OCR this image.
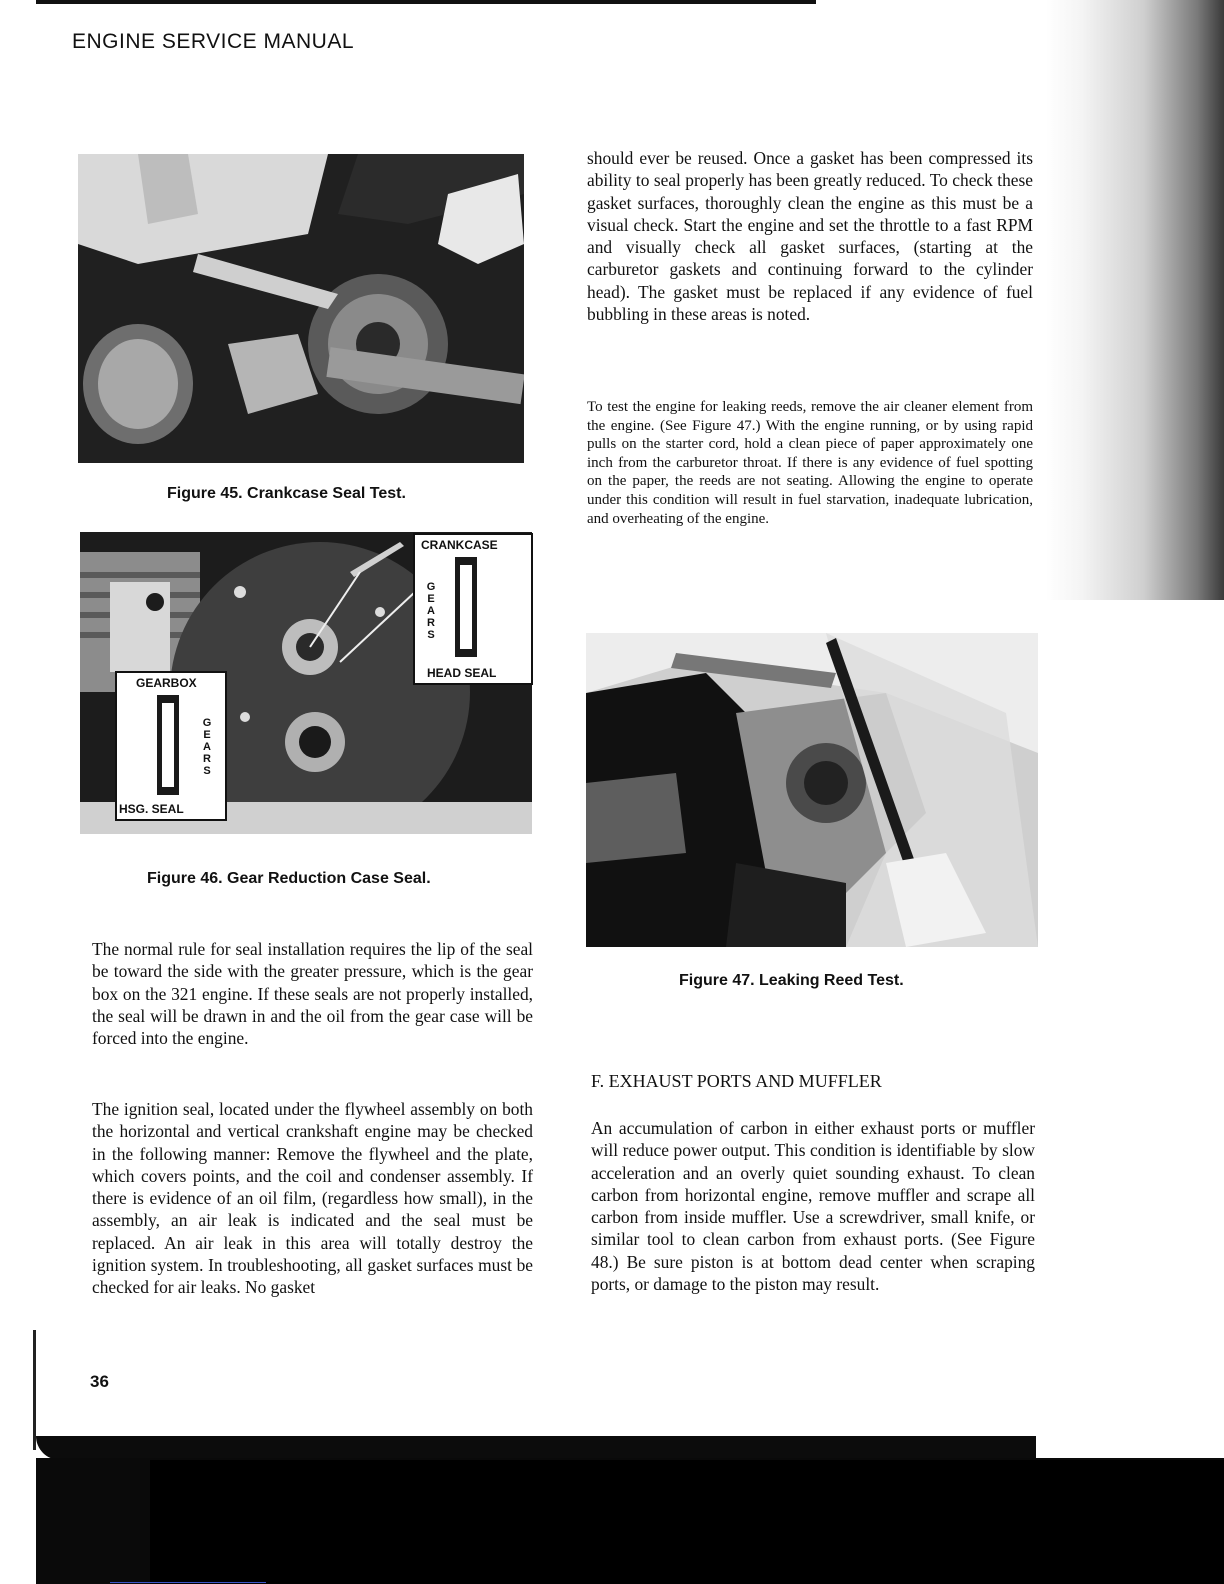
ENGINE SERVICE MANUAL
Figure 45. Crankcase Seal Test.
CRANKCASE
GEARS
HEAD SEAL
GEARBOX
GEARS
HSG. SEAL
Figure 46. Gear Reduction Case Seal.
Figure 47. Leaking Reed Test.
The normal rule for seal installation requires the lip of the seal be toward the side with the greater pressure, which is the gear box on the 321 engine. If these seals are not properly installed, the seal will be drawn in and the oil from the gear case will be forced into the engine.
The ignition seal, located under the flywheel assembly on both the horizontal and vertical crankshaft engine may be checked in the following manner: Remove the flywheel and the plate, which covers points, and the coil and condenser assembly. If there is evidence of an oil film, (regardless how small), in the assembly, an air leak is indicated and the seal must be replaced. An air leak in this area will totally destroy the ignition system. In troubleshooting, all gasket surfaces must be checked for air leaks. No gasket
should ever be reused. Once a gasket has been compressed its ability to seal properly has been greatly reduced. To check these gasket surfaces, thoroughly clean the engine as this must be a visual check. Start the engine and set the throttle to a fast RPM and visually check all gasket surfaces, (starting at the carburetor gaskets and continuing forward to the cylinder head). The gasket must be replaced if any evidence of fuel bubbling in these areas is noted.
To test the engine for leaking reeds, remove the air cleaner element from the engine. (See Figure 47.) With the engine running, or by using rapid pulls on the starter cord, hold a clean piece of paper approximately one inch from the carburetor throat. If there is any evidence of fuel spotting on the paper, the reeds are not seating. Allowing the engine to operate under this condition will result in fuel starvation, inadequate lubrication, and overheating of the engine.
F. EXHAUST PORTS AND MUFFLER
An accumulation of carbon in either exhaust ports or muffler will reduce power output. This condition is identifiable by slow acceleration and an overly quiet sounding exhaust. To clean carbon from horizontal engine, remove muffler and scrape all carbon from inside muffler. Use a screwdriver, small knife, or similar tool to clean carbon from exhaust ports. (See Figure 48.) Be sure piston is at bottom dead center when scraping ports, or damage to the piston may result.
36
